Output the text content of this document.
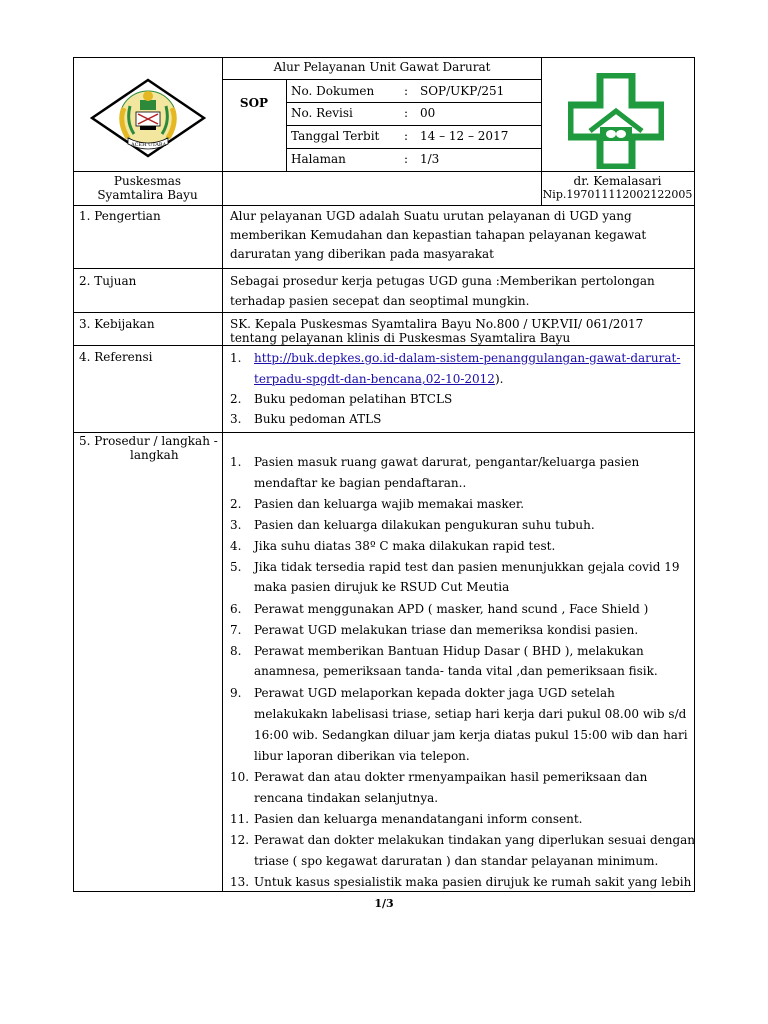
ACEH UTARA
Alur Pelayanan Unit Gawat Darurat
SOP
No. Dokumen : SOP/UKP/251
No. Revisi	: 00
Tanggal Terbit : 14 – 12 – 2017
Halaman	: 1/3
Puskesmas
Syamtalira Bayu
dr. Kemalasari
Nip.197011112002122005
1. Pengertian	Alur pelayanan UGD adalah Suatu urutan pelayanan di UGD yang
memberikan Kemudahan dan kepastian tahapan pelayanan kegawat
daruratan yang diberikan pada masyarakat
2. Tujuan	Sebagai prosedur kerja petugas UGD guna :Memberikan pertolongan
terhadap pasien secepat dan seoptimal mungkin.
3. Kebijakan	SK. Kepala Puskesmas Syamtalira Bayu No.800 / UKP.VII/ 061/2017
tentang pelayanan klinis di Puskesmas Syamtalira Bayu
4. Referensi	1. http://buk.depkes.go.id-dalam-sistem-penanggulangan-gawat-darurat-
terpadu-spgdt-dan-bencana,02-10-2012).
2. Buku pedoman pelatihan BTCLS
3. Buku pedoman ATLS
5. Prosedur / langkah -
langkah	1. Pasien masuk ruang gawat darurat, pengantar/keluarga pasien
mendaftar ke bagian pendaftaran..
2. Pasien dan keluarga wajib memakai masker.
3. Pasien dan keluarga dilakukan pengukuran suhu tubuh.
4. Jika suhu diatas 38º C maka dilakukan rapid test.
5. Jika tidak tersedia rapid test dan pasien menunjukkan gejala covid 19
maka pasien dirujuk ke RSUD Cut Meutia
6. Perawat menggunakan APD ( masker, hand scund , Face Shield )
7. Perawat UGD melakukan triase dan memeriksa kondisi pasien.
8. Perawat memberikan Bantuan Hidup Dasar ( BHD ), melakukan
anamnesa, pemeriksaan tanda- tanda vital ,dan pemeriksaan fisik.
9. Perawat UGD melaporkan kepada dokter jaga UGD setelah
melakukakn labelisasi triase, setiap hari kerja dari pukul 08.00 wib s/d
16:00 wib. Sedangkan diluar jam kerja diatas pukul 15:00 wib dan hari
libur laporan diberikan via telepon.
10. Perawat dan atau dokter rmenyampaikan hasil pemeriksaan dan
rencana tindakan selanjutnya.
11. Pasien dan keluarga menandatangani inform consent.
12. Perawat dan dokter melakukan tindakan yang diperlukan sesuai dengan
triase ( spo kegawat daruratan ) dan standar pelayanan minimum.
13. Untuk kasus spesialistik maka pasien dirujuk ke rumah sakit yang lebih
1/3
